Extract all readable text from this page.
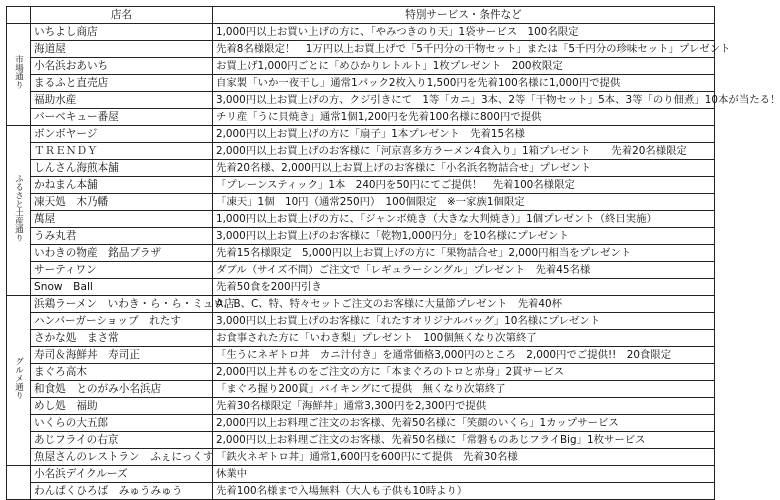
	店名	特別サービス・条件など
市場通り	いちよし商店	1,000円以上お買い上げの方に、「やみつきのり天」1袋サービス　100名限定
	海道屋	先着8名様限定！　1万円以上お買上げで「5千円分の干物セット」または「5千円分の珍味セット」プレゼント
	小名浜おあいち	お買上げ1,000円ごとに「めひかりレトルト」1枚プレゼント　200枚限定
	まるふと直売店	自家製「いか一夜干し」通常1パック2枚入り1,500円を先着100名様に1,000円で提供
	福助水産	3,000円以上お買上げの方、クジ引きにて　1等「カニ」3本、2等「干物セット」5本、3等「のり佃煮」10本が当たる！
	バーベキュー番屋	チリ産「うに貝焼き」通常1個1,200円を先着100名様に800円で提供
ふるさと土産通り	ボンボヤージ	2,000円以上お買上げの方に「扇子」1本プレゼント　先着15名様
	ＴＲＥＮＤＹ	2,000円以上お買上げのお客様に「河京喜多方ラーメン4食入り」1箱プレゼント　　先着20名様限定
	しんさん海煎本舗	先着20名様、2,000円以上お買上げのお客様に「小名浜名物詰合せ」プレゼント
	かねまん本舗	「プレーンスティック」1本　240円を50円にてご提供！　先着100名様限定
	凍天処　木乃幡	「凍天」1個　10円（通常250円）　100個限定　※一家族1個限定
	萬屋	1,000円以上お買上げの方に、「ジャンボ焼き（大きな大判焼き）」1個プレゼント（終日実施）
	うみ丸君	3,000円以上お買上げのお客様に「乾物1,000円分」を10名様にプレゼント
	いわきの物産　銘品プラザ	先着15名様限定　5,000円以上お買上げの方に「果物詰合せ」2,000円相当をプレゼント
	サーティワン	ダブル（サイズ不問）ご注文で「レギュラーシングル」プレゼント　先着45名様
	Snow　Ball	先着50食を200円引き
グルメ通り	浜鶏ラーメン　いわき・ら・ら・ミュウ店	A、B、C、特、特々セットご注文のお客様に大量節プレゼント　先着40杯
	ハンバーガーショップ　れたす	3,000円以上お買上げのお客様に「れたすオリジナルバッグ」10名様にプレゼント
	さかな処　まさ常	お食事された方に「いわき梨」プレゼント　100個無くなり次第終了
	寿司＆海鮮丼　寿司正	「生うにネギトロ丼　カニ汁付き」を通常価格3,000円のところ　2,000円でご提供!!　20食限定
	まぐろ高木	2,000円以上丼ものをご注文の方に「本まぐろのトロと赤身」2貫サービス
	和食処　とのがみ小名浜店	「まぐろ握り200貫」バイキングにて提供　無くなり次第終了
	めし処　福助	先着30名様限定「海鮮丼」通常3,300円を2,300円で提供
	いくらの大五郎	2,000円以上お料理ご注文のお客様、先着50名様に「笑顔のいくら」1カップサービス
	あじフライの右京	2,000円以上お料理ご注文のお客様、先着50名様に「常磐ものあじフライBig」1枚サービス
	魚屋さんのレストラン　ふぇにっくす	「鉄火ネギトロ丼」通常1,600円を600円にて提供　先着30名様
	小名浜デイクルーズ	休業中
	わんぱくひろば　みゅうみゅう	先着100名様まで入場無料（大人も子供も10時より）
